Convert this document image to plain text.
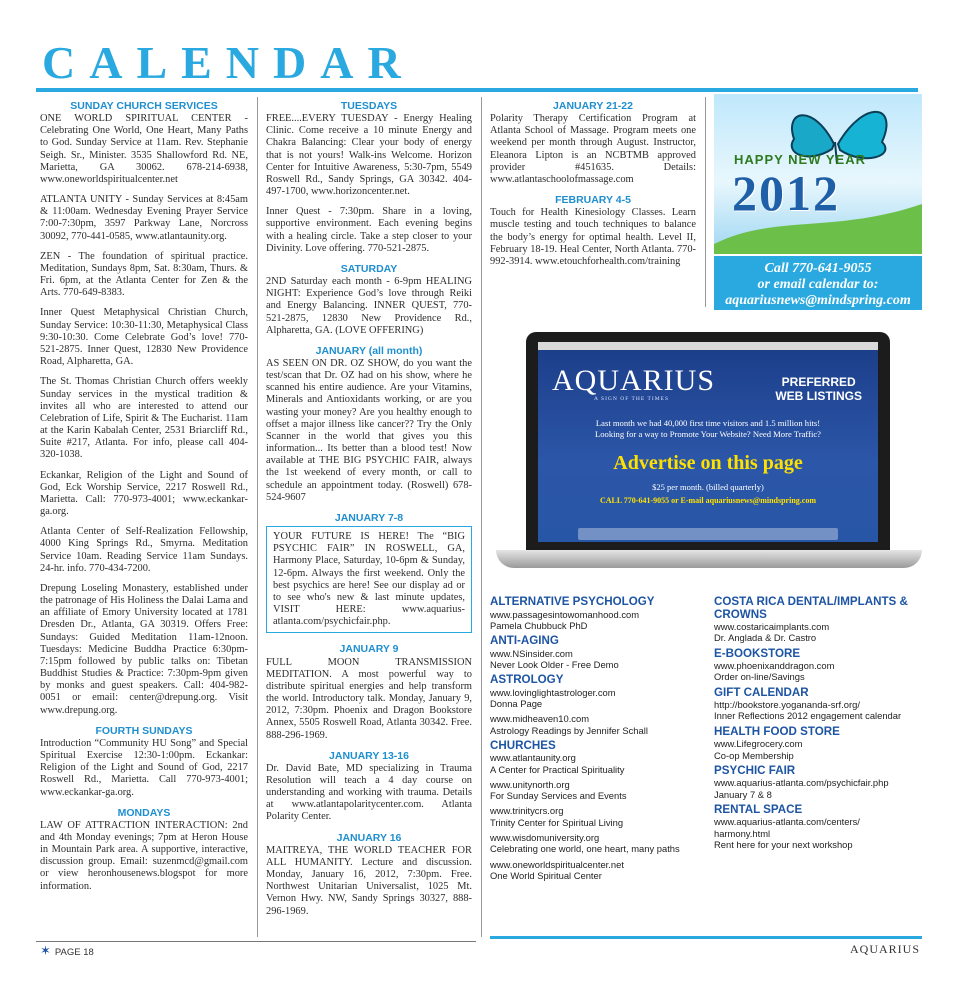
CALENDAR
SUNDAY CHURCH SERVICES
ONE WORLD SPIRITUAL CENTER - Celebrating One World, One Heart, Many Paths to God. Sunday Service at 11am. Rev. Stephanie Seigh. Sr., Minister. 3535 Shallowford Rd. NE, Marietta, GA 30062. 678-214-6938, www.oneworldspiritualcenter.net
ATLANTA UNITY - Sunday Services at 8:45am & 11:00am. Wednesday Evening Prayer Service 7:00-7:30pm, 3597 Parkway Lane, Norcross 30092, 770-441-0585, www.atlantaunity.org.
ZEN - The foundation of spiritual practice. Meditation, Sundays 8pm, Sat. 8:30am, Thurs. & Fri. 6pm, at the Atlanta Center for Zen & the Arts. 770-649-8383.
Inner Quest Metaphysical Christian Church, Sunday Service: 10:30-11:30, Metaphysical Class 9:30-10:30. Come Celebrate God’s love! 770-521-2875. Inner Quest, 12830 New Providence Road, Alpharetta, GA.
The St. Thomas Christian Church offers weekly Sunday services in the mystical tradition & invites all who are interested to attend our Celebration of Life, Spirit & The Eucharist. 11am at the Karin Kabalah Center, 2531 Briarcliff Rd., Suite #217, Atlanta. For info, please call 404-320-1038.
Eckankar, Religion of the Light and Sound of God, Eck Worship Service, 2217 Roswell Rd., Marietta. Call: 770-973-4001; www.eckankar-ga.org.
Atlanta Center of Self-Realization Fellowship, 4000 King Springs Rd., Smyrna. Meditation Service 10am. Reading Service 11am Sundays. 24-hr. info. 770-434-7200.
Drepung Loseling Monastery, established under the patronage of His Holiness the Dalai Lama and an affiliate of Emory University located at 1781 Dresden Dr., Atlanta, GA 30319. Offers Free: Sundays: Guided Meditation 11am-12noon. Tuesdays: Medicine Buddha Practice 6:30pm-7:15pm followed by public talks on: Tibetan Buddhist Studies & Practice: 7:30pm-9pm given by monks and guest speakers. Call: 404-982-0051 or email: center@drepung.org. Visit www.drepung.org.
FOURTH SUNDAYS
Introduction “Community HU Song” and Special Spiritual Exercise 12:30-1:00pm. Eckankar: Religion of the Light and Sound of God, 2217 Roswell Rd., Marietta. Call 770-973-4001; www.eckankar-ga.org.
MONDAYS
LAW OF ATTRACTION INTERACTION: 2nd and 4th Monday evenings; 7pm at Heron House in Mountain Park area. A supportive, interactive, discussion group. Email: suzenmcd@gmail.com or view heronhousenews.blogspot for more information.
TUESDAYS
FREE....EVERY TUESDAY - Energy Healing Clinic. Come receive a 10 minute Energy and Chakra Balancing: Clear your body of energy that is not yours! Walk-ins Welcome. Horizon Center for Intuitive Awareness, 5:30-7pm, 5549 Roswell Rd., Sandy Springs, GA 30342. 404-497-1700, www.horizoncenter.net.
Inner Quest - 7:30pm. Share in a loving, supportive environment. Each evening begins with a healing circle. Take a step closer to your Divinity. Love offering. 770-521-2875.
SATURDAY
2ND Saturday each month - 6-9pm HEALING NIGHT: Experience God’s love through Reiki and Energy Balancing. INNER QUEST, 770-521-2875, 12830 New Providence Rd., Alpharetta, GA. (LOVE OFFERING)
JANUARY (all month)
AS SEEN ON DR. OZ SHOW, do you want the test/scan that Dr. OZ had on his show, where he scanned his entire audience. Are your Vitamins, Minerals and Antioxidants working, or are you wasting your money? Are you healthy enough to offset a major illness like cancer?? Try the Only Scanner in the world that gives you this information... Its better than a blood test! Now available at THE BIG PSYCHIC FAIR, always the 1st weekend of every month, or call to schedule an appointment today. (Roswell) 678-524-9607
JANUARY 7-8
YOUR FUTURE IS HERE! The “BIG PSYCHIC FAIR” IN ROSWELL, GA, Harmony Place, Saturday, 10-6pm & Sunday, 12-6pm. Always the first weekend. Only the best psychics are here! See our display ad or to see who's new & last minute updates, VISIT HERE: www.aquarius-atlanta.com/psychicfair.php.
JANUARY 9
FULL MOON TRANSMISSION MEDITATION. A most powerful way to distribute spiritual energies and help transform the world. Introductory talk. Monday, January 9, 2012, 7:30pm. Phoenix and Dragon Bookstore Annex, 5505 Roswell Road, Atlanta 30342. Free. 888-296-1969.
JANUARY 13-16
Dr. David Bate, MD specializing in Trauma Resolution will teach a 4 day course on understanding and working with trauma. Details at www.atlantapolaritycenter.com. Atlanta Polarity Center.
JANUARY 16
MAITREYA, THE WORLD TEACHER FOR ALL HUMANITY. Lecture and discussion. Monday, January 16, 2012, 7:30pm. Free. Northwest Unitarian Universalist, 1025 Mt. Vernon Hwy. NW, Sandy Springs 30327, 888-296-1969.
JANUARY 21-22
Polarity Therapy Certification Program at Atlanta School of Massage. Program meets one weekend per month through August. Instructor, Eleanora Lipton is an NCBTMB approved provider #451635. Details: www.atlantaschoolofmassage.com
FEBRUARY 4-5
Touch for Health Kinesiology Classes. Learn muscle testing and touch techniques to balance the body’s energy for optimal health. Level II, February 18-19. Heal Center, North Atlanta. 770-992-3914. www.etouchforhealth.com/training
HAPPY NEW YEAR
2012
Call 770-641-9055
or email calendar to:
aquariusnews@mindspring.com
AQUARIUS
A SIGN OF THE TIMES
PREFERRED
WEB LISTINGS
Last month we had 40,000 first time visitors and 1.5 million hits!
Looking for a way to Promote Your Website? Need More Traffic?
Advertise on this page
$25 per month. (billed quarterly)
CALL 770-641-9055 or E-mail aquariusnews@mindspring.com
ALTERNATIVE PSYCHOLOGY
www.passagesintowomanhood.com
Pamela Chubbuck PhD
ANTI-AGING
www.NSinsider.com
Never Look Older - Free Demo
ASTROLOGY
www.lovinglightastrologer.com
Donna Page
www.midheaven10.com
Astrology Readings by Jennifer Schall
CHURCHES
www.atlantaunity.org
A Center for Practical Spirituality
www.unitynorth.org
For Sunday Services and Events
www.trinitycrs.org
Trinity Center for Spiritual Living
www.wisdomuniversity.org
Celebrating one world, one heart, many paths
www.oneworldspiritualcenter.net
One World Spiritual Center
COSTA RICA DENTAL/IMPLANTS & CROWNS
www.costaricaimplants.com
Dr. Anglada & Dr. Castro
E-BOOKSTORE
www.phoenixanddragon.com
Order on-line/Savings
GIFT CALENDAR
http://bookstore.yogananda-srf.org/
Inner Reflections 2012 engagement calendar
HEALTH FOOD STORE
www.Lifegrocery.com
Co-op Membership
PSYCHIC FAIR
www.aquarius-atlanta.com/psychicfair.php
January 7 & 8
RENTAL SPACE
www.aquarius-atlanta.com/centers/
harmony.html
Rent here for your next workshop
✶ PAGE 18	AQUARIUS
